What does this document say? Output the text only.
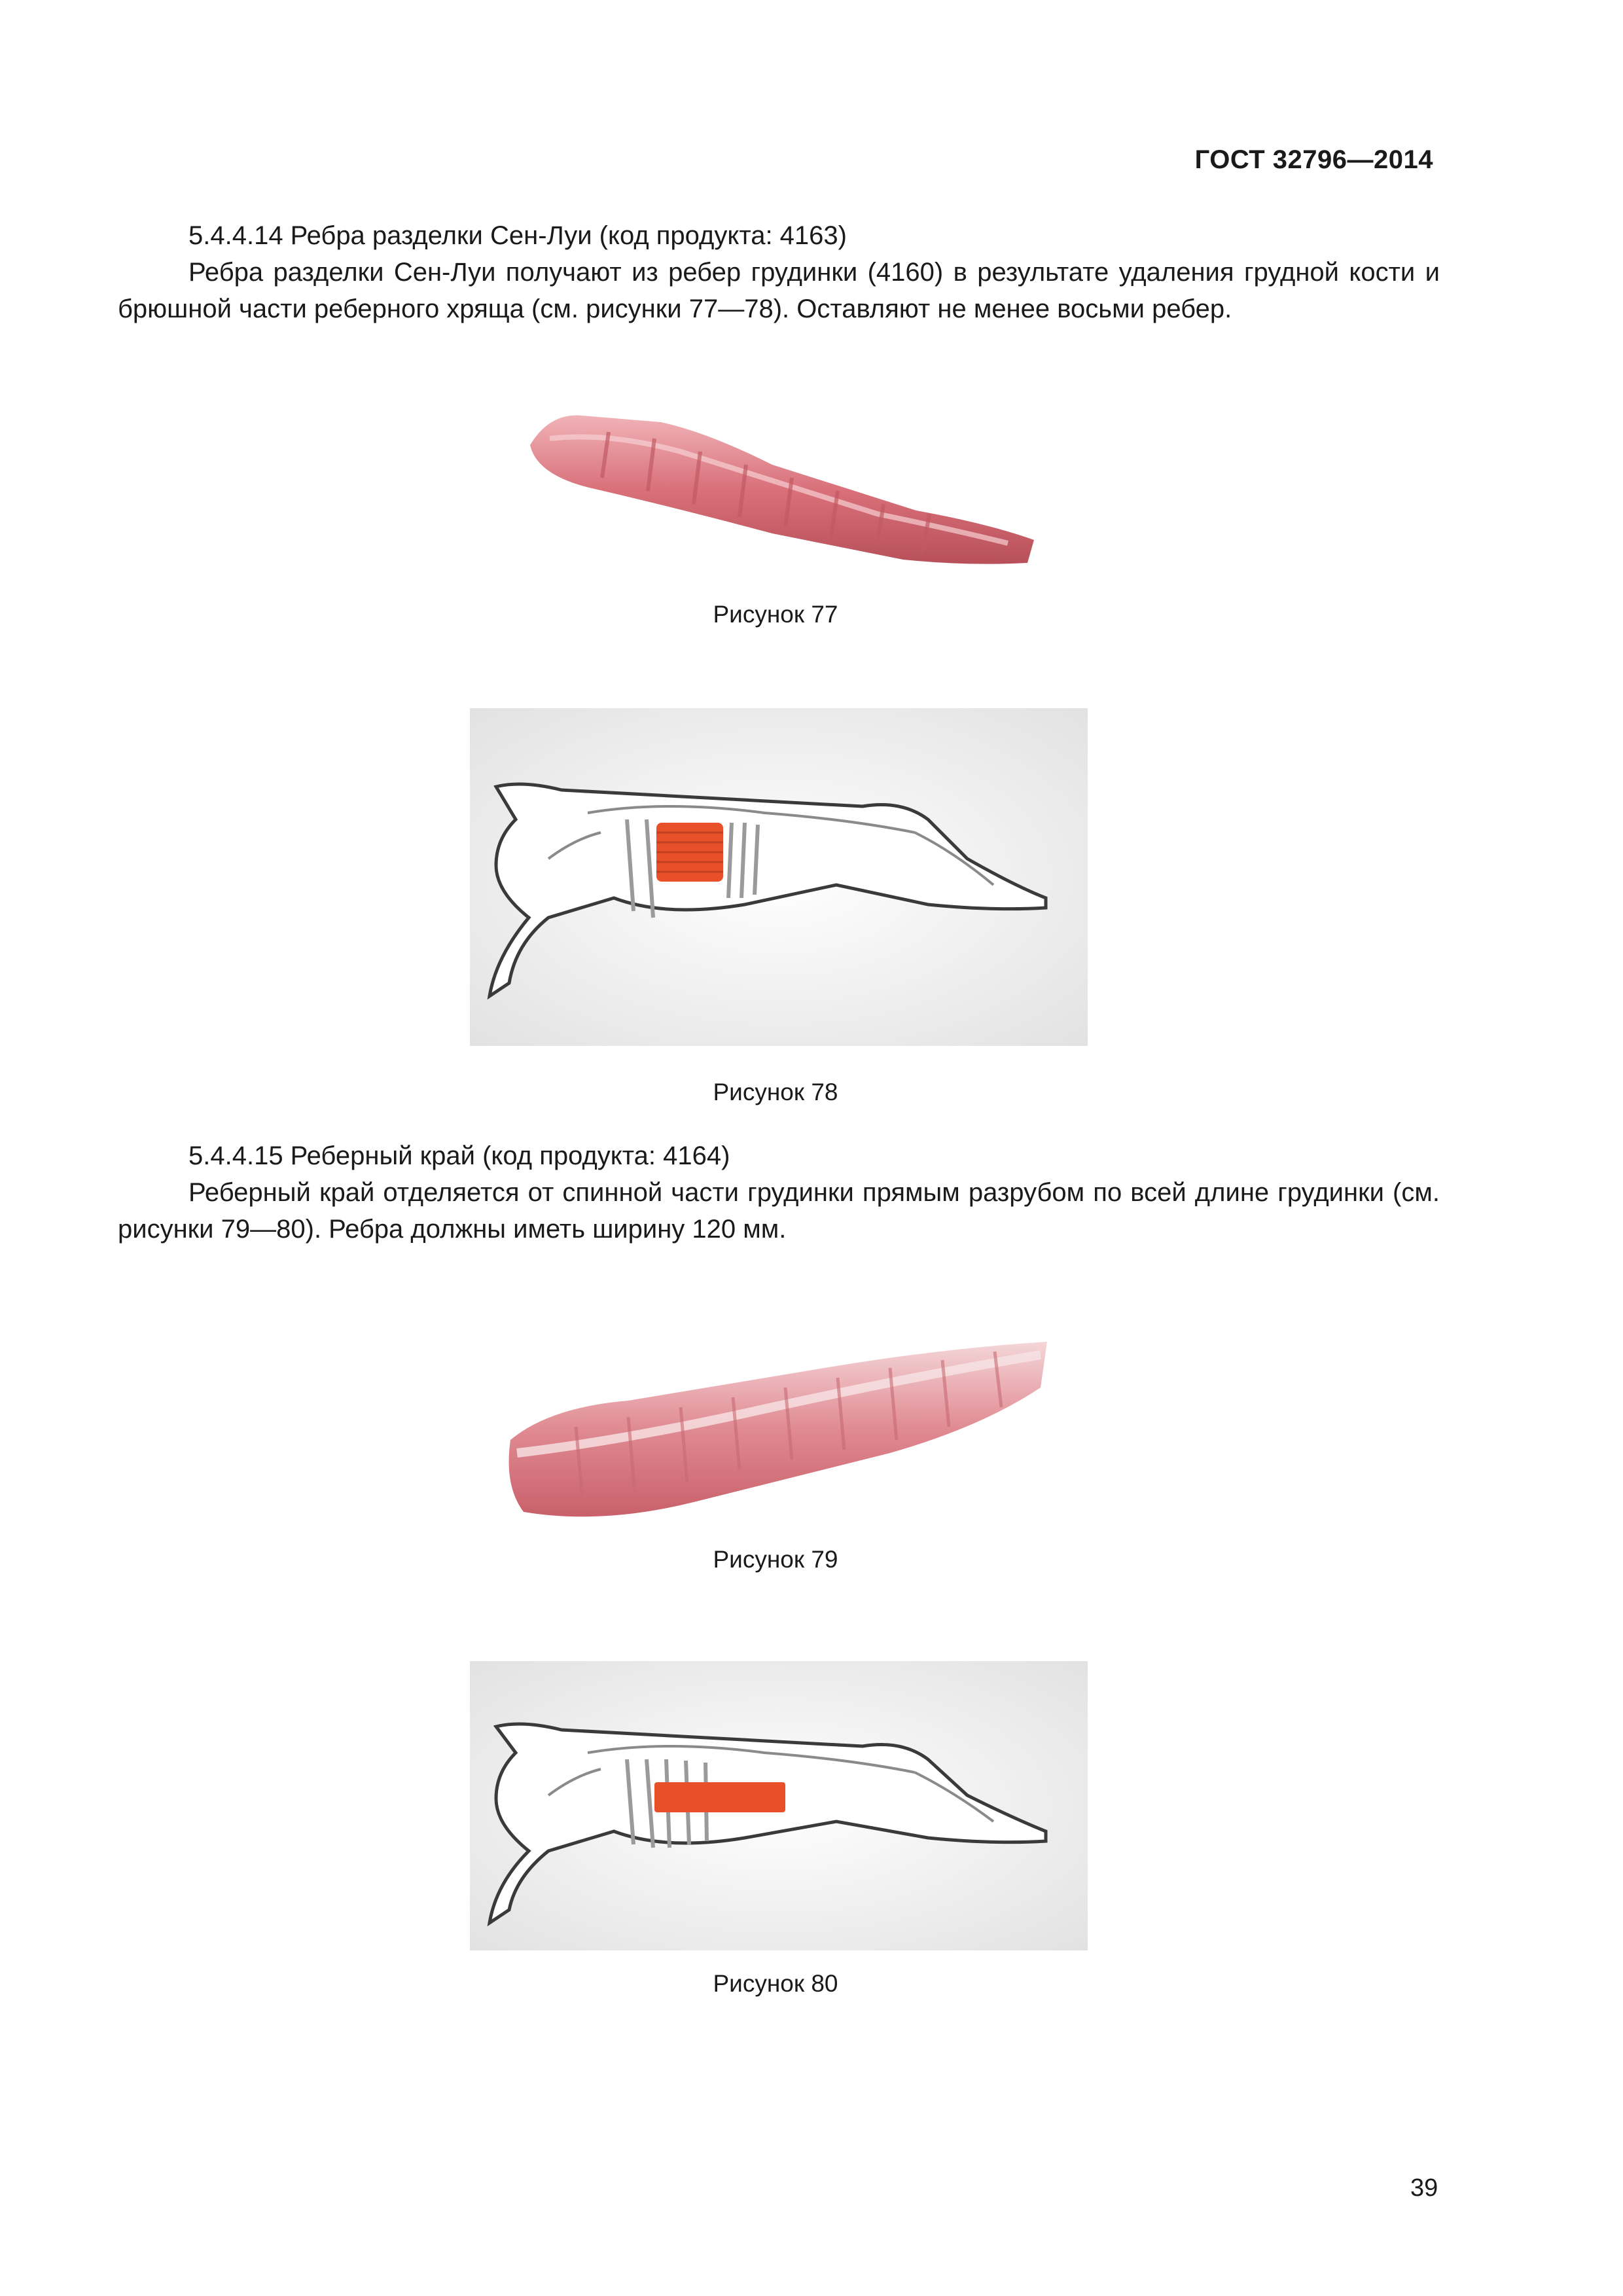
ГОСТ 32796—2014

5.4.4.14 Ребра разделки Сен-Луи (код продукта: 4163)

Ребра разделки Сен-Луи получают из ребер грудинки (4160) в результате удаления грудной кости и брюшной части реберного хряща (см. рисунки 77—78). Оставляют не менее восьми ребер.

Рисунок 77
Рисунок 78

5.4.4.15 Реберный край (код продукта: 4164)

Реберный край отделяется от спинной части грудинки прямым разрубом по всей длине грудинки (см. рисунки 79—80). Ребра должны иметь ширину 120 мм.

Рисунок 79
Рисунок 80
39
